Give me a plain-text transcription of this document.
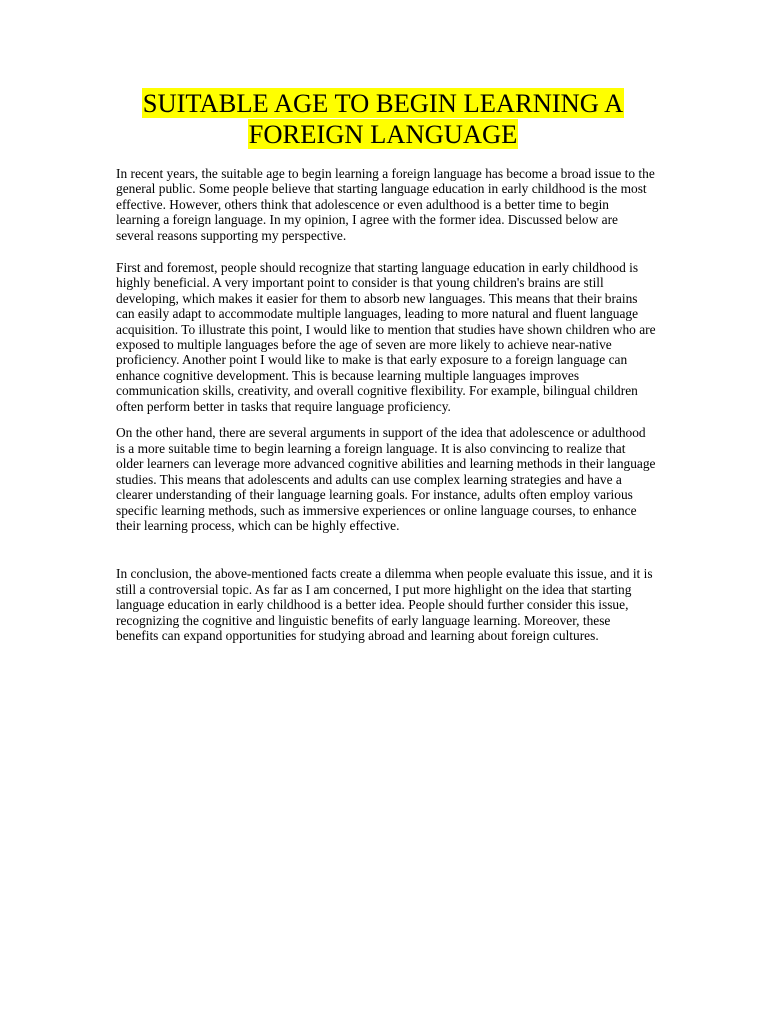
SUITABLE AGE TO BEGIN LEARNING A
FOREIGN LANGUAGE

In recent years, the suitable age to begin learning a foreign language has become a broad issue to the general public. Some people believe that starting language education in early childhood is the most effective. However, others think that adolescence or even adulthood is a better time to begin learning a foreign language. In my opinion, I agree with the former idea. Discussed below are several reasons supporting my perspective.

First and foremost, people should recognize that starting language education in early childhood is highly beneficial. A very important point to consider is that young children's brains are still developing, which makes it easier for them to absorb new languages. This means that their brains can easily adapt to accommodate multiple languages, leading to more natural and fluent language acquisition. To illustrate this point, I would like to mention that studies have shown children who are exposed to multiple languages before the age of seven are more likely to achieve near-native proficiency. Another point I would like to make is that early exposure to a foreign language can enhance cognitive development. This is because learning multiple languages improves communication skills, creativity, and overall cognitive flexibility. For example, bilingual children often perform better in tasks that require language proficiency.

On the other hand, there are several arguments in support of the idea that adolescence or adulthood is a more suitable time to begin learning a foreign language. It is also convincing to realize that older learners can leverage more advanced cognitive abilities and learning methods in their language studies. This means that adolescents and adults can use complex learning strategies and have a clearer understanding of their language learning goals. For instance, adults often employ various specific learning methods, such as immersive experiences or online language courses, to enhance their learning process, which can be highly effective.

In conclusion, the above-mentioned facts create a dilemma when people evaluate this issue, and it is still a controversial topic. As far as I am concerned, I put more highlight on the idea that starting language education in early childhood is a better idea. People should further consider this issue, recognizing the cognitive and linguistic benefits of early language learning. Moreover, these benefits can expand opportunities for studying abroad and learning about foreign cultures.
